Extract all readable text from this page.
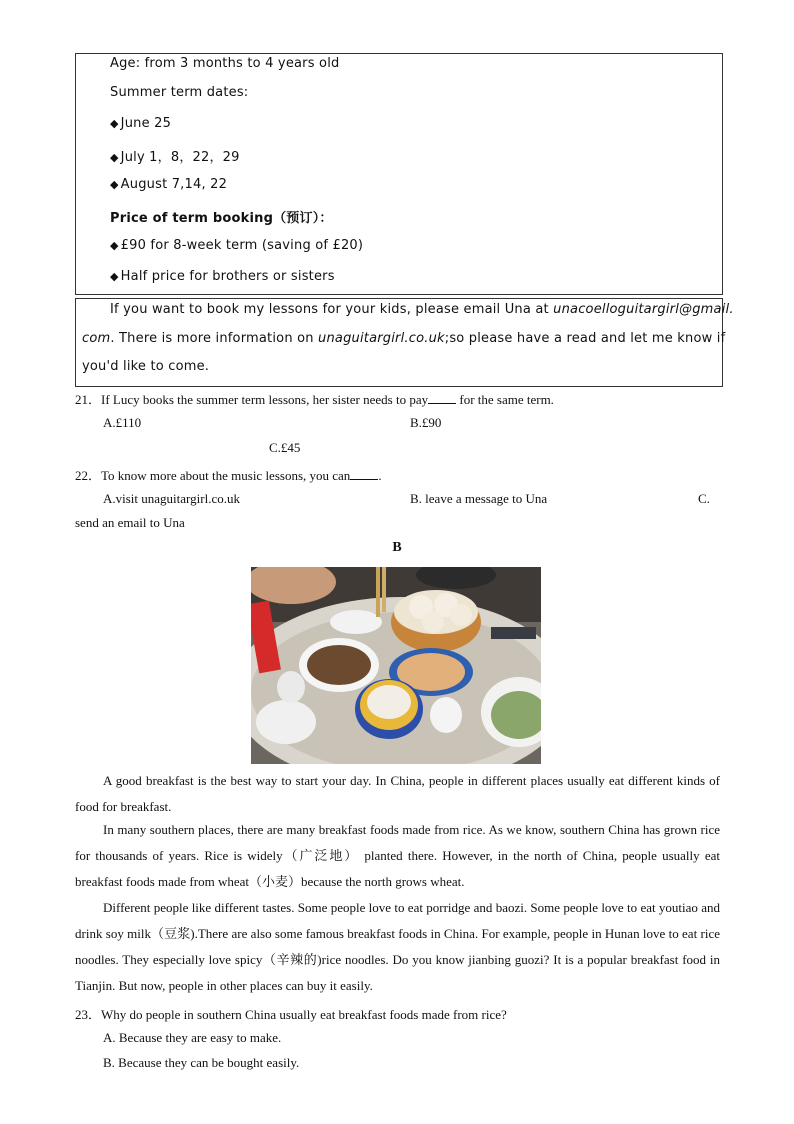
Age: from 3 months to 4 years old
Summer term dates:
◆ June 25
◆ July 1，8，22，29
◆ August 7,14, 22
Price of term booking（预订）：
◆ £90 for 8-week term (saving of £20)
◆ Half price for brothers or sisters
If you want to book my lessons for your kids, please email Una at unacoelloguitargirl@gmail.
com. There is more information on unaguitargirl.co.uk;so please have a read and let me know if
you'd like to come.
21．If Lucy books the summer term lessons, her sister needs to pay for the same term.
A.£110	B.£90
C.£45
22．To know more about the music lessons, you can .
A.visit unaguitargirl.co.uk	B. leave a message to Una	C.
send an email to Una
B
A good breakfast is the best way to start your day. In China, people in different places usually eat different kinds of food for breakfast.
In many southern places, there are many breakfast foods made from rice. As we know, southern China has grown rice for thousands of years. Rice is widely（广泛地） planted there. However, in the north of China, people usually eat breakfast foods made from wheat（小麦）because the north grows wheat.
Different people like different tastes. Some people love to eat porridge and baozi. Some people love to eat youtiao and drink soy milk（豆浆).There are also some famous breakfast foods in China. For example, people in Hunan love to eat rice noodles. They especially love spicy（辛辣的)rice noodles. Do you know jianbing guozi? It is a popular breakfast food in Tianjin. But now, people in other places can buy it easily.
23．Why do people in southern China usually eat breakfast foods made from rice?
A. Because they are easy to make.
B. Because they can be bought easily.
